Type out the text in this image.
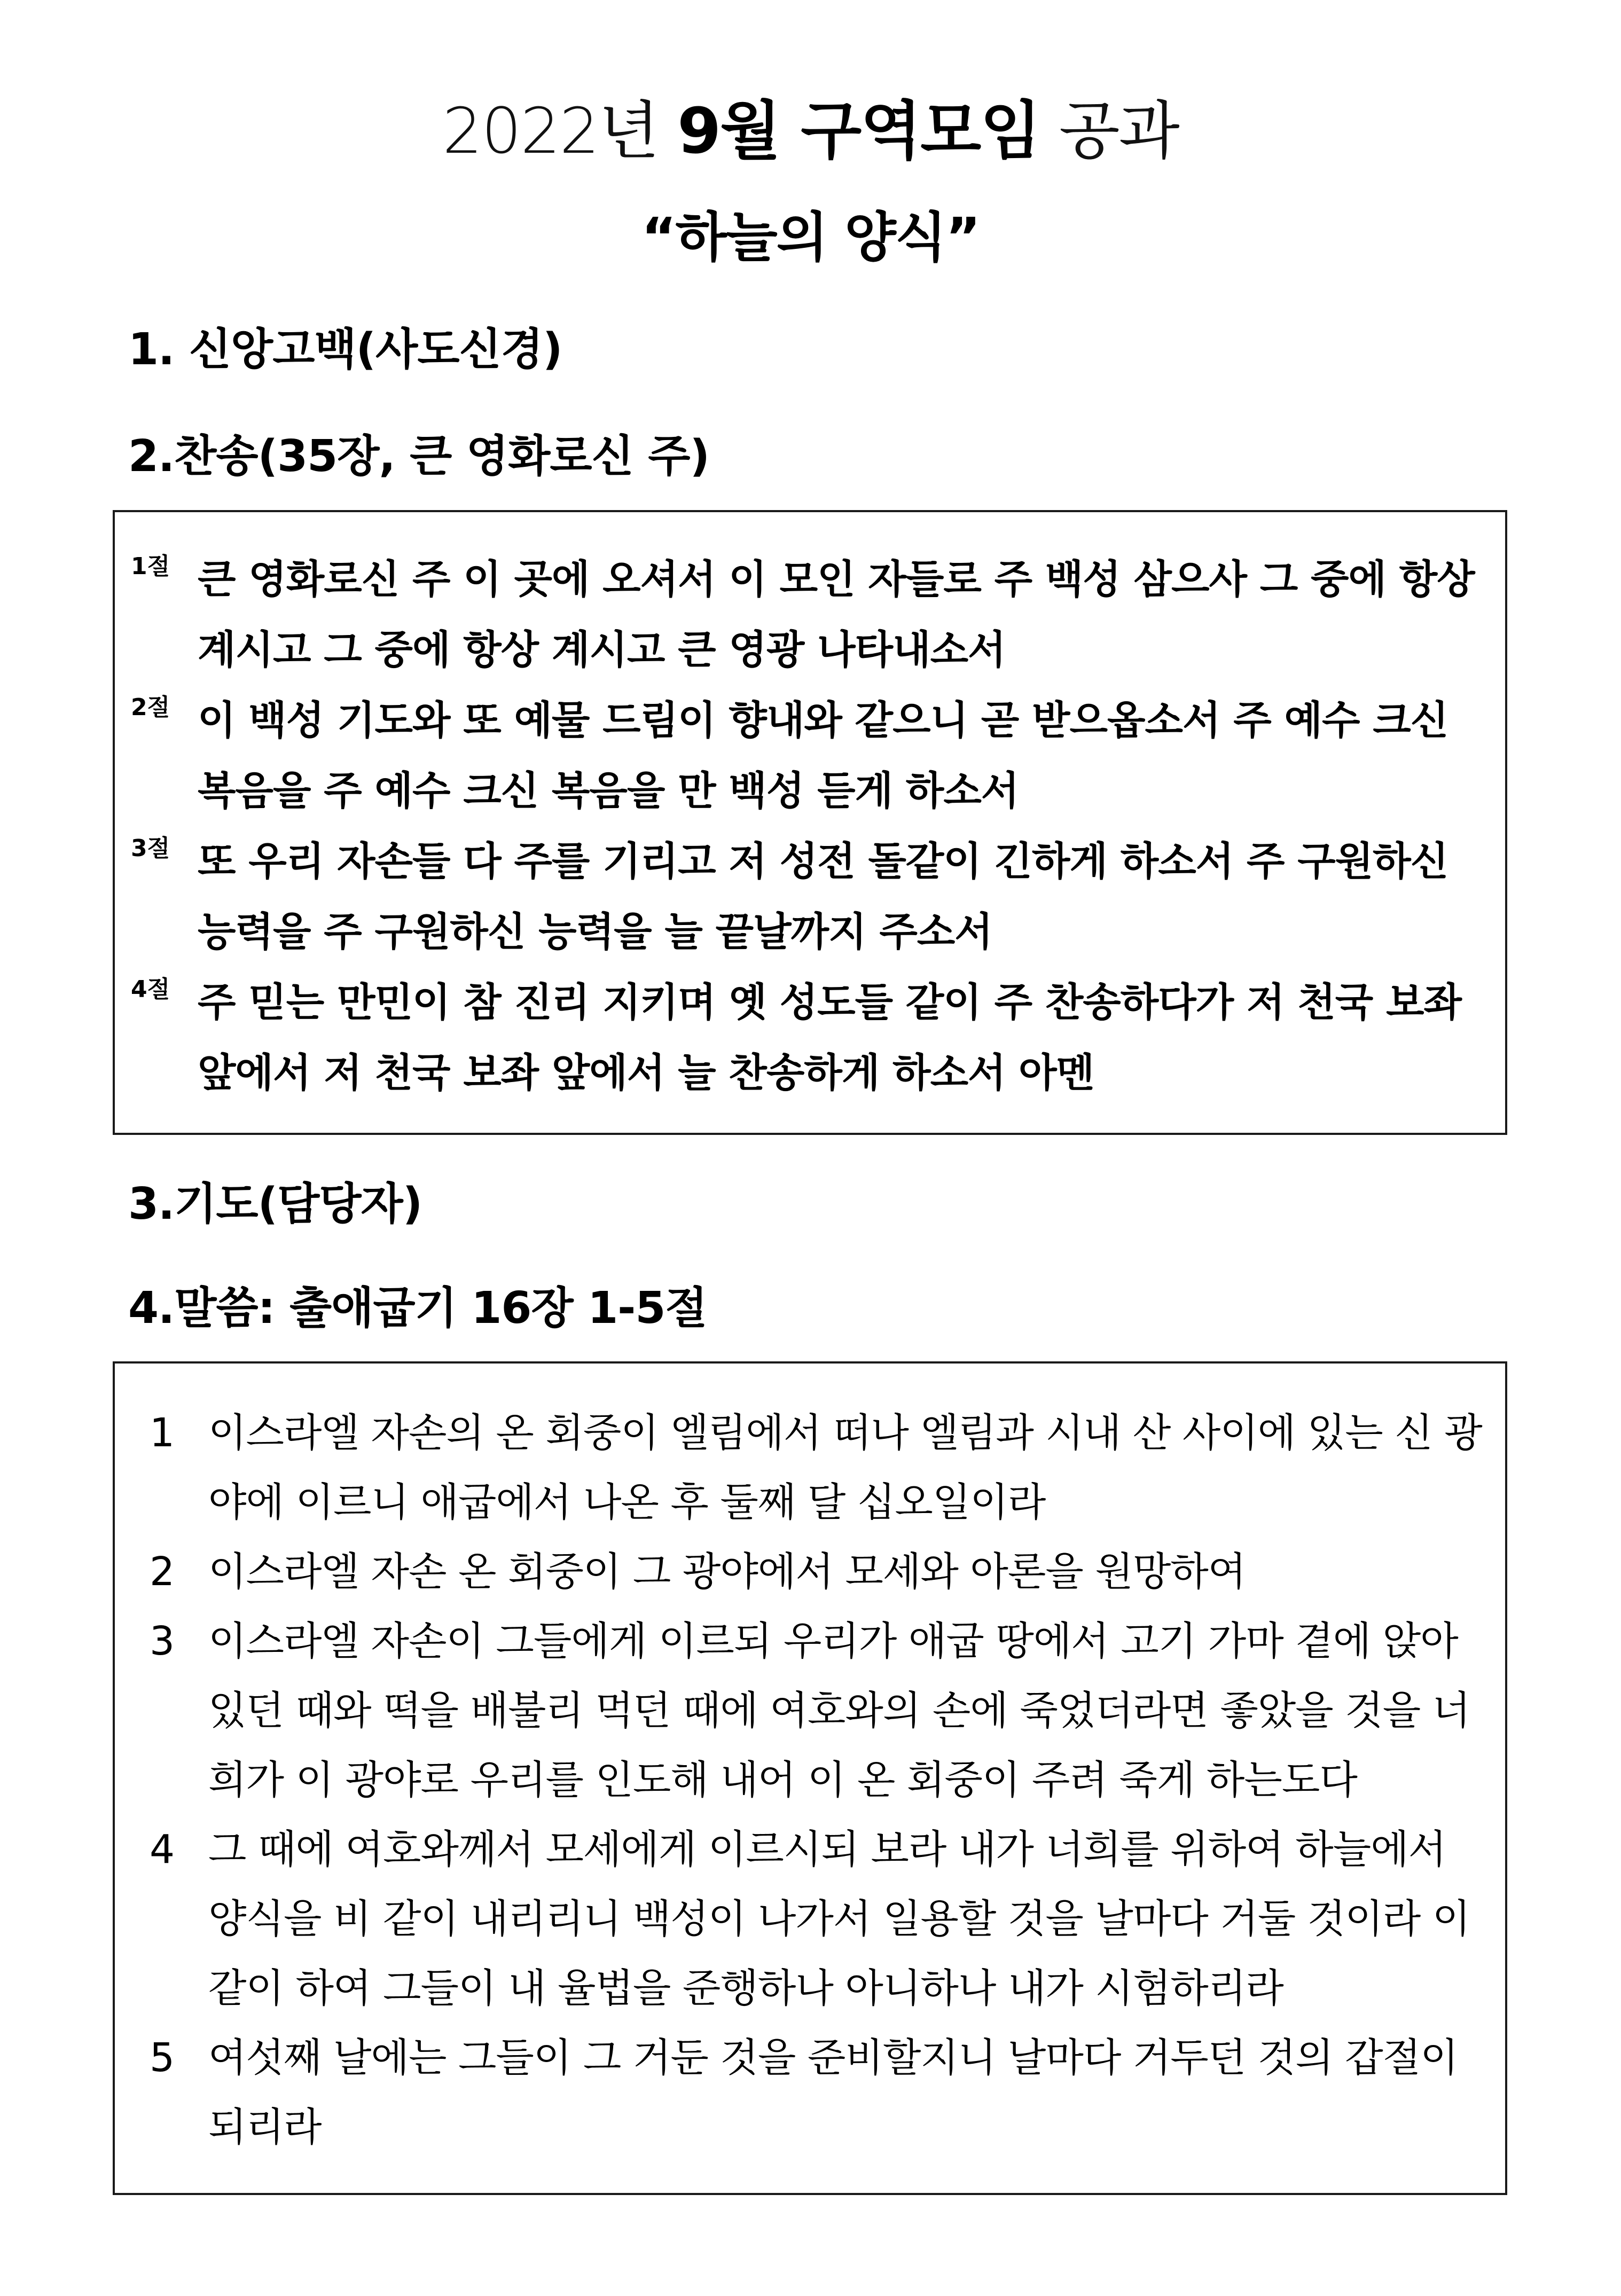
2022년 9월 구역모임 공과
“하늘의 양식”
1. 신앙고백(사도신경)
2.찬송(35장, 큰 영화로신 주)
1절 큰 영화로신 주 이 곳에 오셔서 이 모인 자들로 주 백성 삼으사 그 중에 항상 계시고 그 중에 항상 계시고 큰 영광 나타내소서
2절 이 백성 기도와 또 예물 드림이 향내와 같으니 곧 받으옵소서 주 예수 크신 복음을 주 예수 크신 복음을 만 백성 듣게 하소서
3절 또 우리 자손들 다 주를 기리고 저 성전 돌같이 긴하게 하소서 주 구원하신 능력을 주 구원하신 능력을 늘 끝날까지 주소서
4절 주 믿는 만민이 참 진리 지키며 옛 성도들 같이 주 찬송하다가 저 천국 보좌 앞에서 저 천국 보좌 앞에서 늘 찬송하게 하소서 아멘
3.기도(담당자)
4.말씀: 출애굽기 16장 1-5절
1 이스라엘 자손의 온 회중이 엘림에서 떠나 엘림과 시내 산 사이에 있는 신 광야에 이르니 애굽에서 나온 후 둘째 달 십오일이라
2 이스라엘 자손 온 회중이 그 광야에서 모세와 아론을 원망하여
3 이스라엘 자손이 그들에게 이르되 우리가 애굽 땅에서 고기 가마 곁에 앉아 있던 때와 떡을 배불리 먹던 때에 여호와의 손에 죽었더라면 좋았을 것을 너희가 이 광야로 우리를 인도해 내어 이 온 회중이 주려 죽게 하는도다
4 그 때에 여호와께서 모세에게 이르시되 보라 내가 너희를 위하여 하늘에서 양식을 비 같이 내리리니 백성이 나가서 일용할 것을 날마다 거둘 것이라 이같이 하여 그들이 내 율법을 준행하나 아니하나 내가 시험하리라
5 여섯째 날에는 그들이 그 거둔 것을 준비할지니 날마다 거두던 것의 갑절이 되리라
